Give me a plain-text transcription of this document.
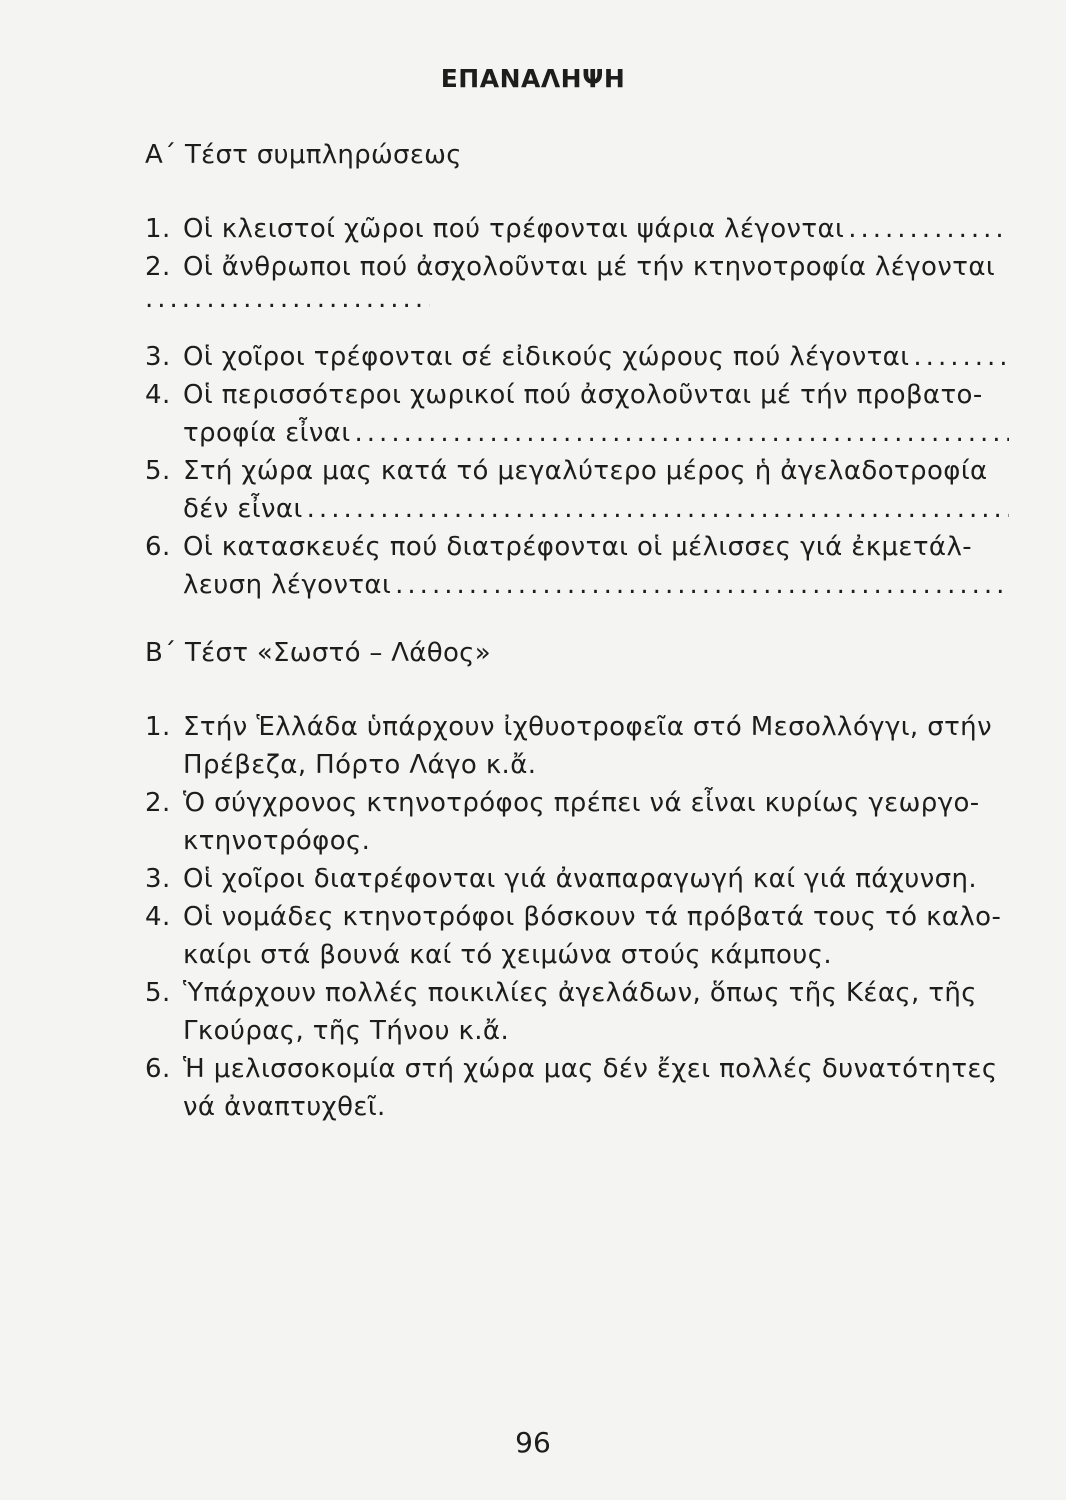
ΕΠΑΝΑΛΗΨΗ
Α΄ Τέστ συμπληρώσεως
1. Οἱ κλειστοί χῶροι πού τρέφονται ψάρια λέγονται
.....
2. Οἱ ἄνθρωποι πού ἀσχολοῦνται μέ τήν κτηνοτροφία λέγονται
.....
3. Οἱ χοῖροι τρέφονται σέ εἰδικούς χώρους πού λέγονται
.....
4. Οἱ περισσότεροι χωρικοί πού ἀσχολοῦνται μέ τήν προβατο-
τροφία εἶναι
.....
5. Στή χώρα μας κατά τό μεγαλύτερο μέρος ἡ ἀγελαδοτροφία
δέν εἶναι
.....
6. Οἱ κατασκευές πού διατρέφονται οἱ μέλισσες γιά ἐκμετάλ-
λευση λέγονται
.....
Β΄ Τέστ «Σωστό – Λάθος»
1. Στήν Ἑλλάδα ὑπάρχουν ἰχθυοτροφεῖα στό Μεσολλόγγι, στήν
Πρέβεζα, Πόρτο Λάγο κ.ἄ.
2. Ὁ σύγχρονος κτηνοτρόφος πρέπει νά εἶναι κυρίως γεωργο-
κτηνοτρόφος.
3. Οἱ χοῖροι διατρέφονται γιά ἀναπαραγωγή καί γιά πάχυνση.
4. Οἱ νομάδες κτηνοτρόφοι βόσκουν τά πρόβατά τους τό καλο-
καίρι στά βουνά καί τό χειμώνα στούς κάμπους.
5. Ὑπάρχουν πολλές ποικιλίες ἀγελάδων, ὅπως τῆς Κέας, τῆς
Γκούρας, τῆς Τήνου κ.ἄ.
6. Ἡ μελισσοκομία στή χώρα μας δέν ἔχει πολλές δυνατότητες
νά ἀναπτυχθεῖ.
96
